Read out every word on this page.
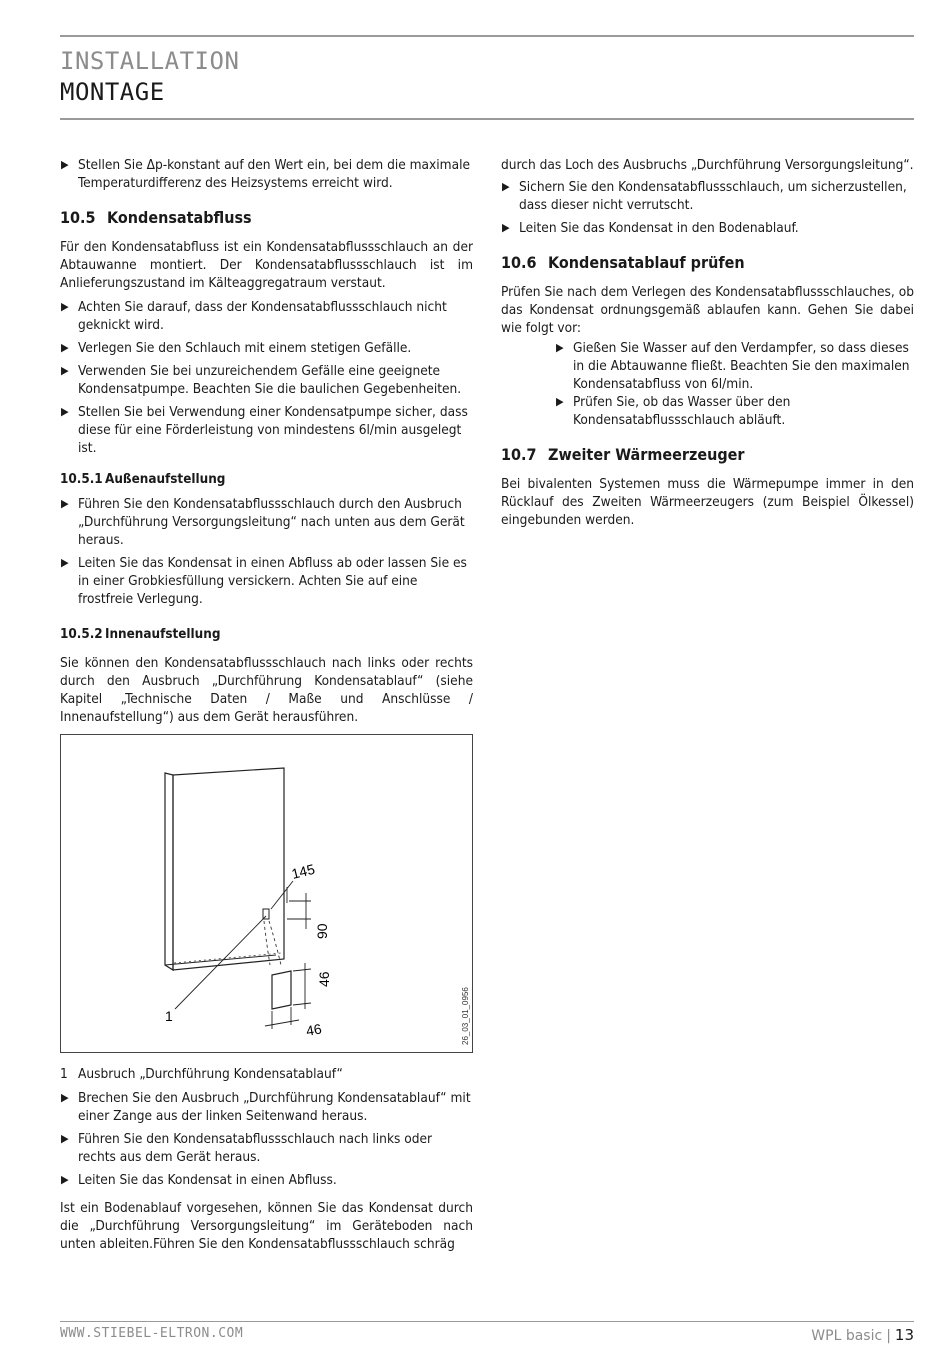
INSTALLATION
MONTAGE
▶ Stellen Sie Δp-konstant auf den Wert ein, bei dem die maximale Temperaturdifferenz des Heizsystems erreicht wird.
10.5 Kondensatabfluss

Für den Kondensatabfluss ist ein Kondensatabflussschlauch an der Abtauwanne montiert. Der Kondensatabflussschlauch ist im Anlieferungszustand im Kälteaggregatraum verstaut.

▶ Achten Sie darauf, dass der Kondensatabflussschlauch nicht geknickt wird.
▶ Verlegen Sie den Schlauch mit einem stetigen Gefälle.
▶ Verwenden Sie bei unzureichendem Gefälle eine geeignete Kondensatpumpe. Beachten Sie die baulichen Gegebenheiten.
▶ Stellen Sie bei Verwendung einer Kondensatpumpe sicher, dass diese für eine Förderleistung von mindestens 6l/min ausgelegt ist.
10.5.1 Außenaufstellung
▶ Führen Sie den Kondensatabflussschlauch durch den Ausbruch „Durchführung Versorgungsleitung“ nach unten aus dem Gerät heraus.
▶ Leiten Sie das Kondensat in einen Abfluss ab oder lassen Sie es in einer Grobkiesfüllung versickern. Achten Sie auf eine frostfreie Verlegung.
10.5.2 Innenaufstellung

Sie können den Kondensatabflussschlauch nach links oder rechts durch den Ausbruch „Durchführung Kondensatablauf“ (siehe Kapitel „Technische Daten / Maße und Anschlüsse / Innenaufstellung“) aus dem Gerät herausführen.

145
90
46
46
1	26_03_01_0956
1 Ausbruch „Durchführung Kondensatablauf“
▶ Brechen Sie den Ausbruch „Durchführung Kondensatablauf“ mit einer Zange aus der linken Seitenwand heraus.
▶ Führen Sie den Kondensatabflussschlauch nach links oder rechts aus dem Gerät heraus.
▶ Leiten Sie das Kondensat in einen Abfluss.

Ist ein Bodenablauf vorgesehen, können Sie das Kondensat durch die „Durchführung Versorgungsleitung“ im Geräteboden nach unten ableiten.Führen Sie den Kondensatabflussschlauch schräg

durch das Loch des Ausbruchs „Durchführung Versorgungsleitung“.

▶ Sichern Sie den Kondensatabflussschlauch, um sicherzustellen, dass dieser nicht verrutscht.
▶ Leiten Sie das Kondensat in den Bodenablauf.
10.6 Kondensatablauf prüfen

Prüfen Sie nach dem Verlegen des Kondensatabflussschlauches, ob das Kondensat ordnungsgemäß ablaufen kann. Gehen Sie dabei wie folgt vor:

▶ Gießen Sie Wasser auf den Verdampfer, so dass dieses in die Abtauwanne fließt. Beachten Sie den maximalen Kondensatabfluss von 6l/min.
▶ Prüfen Sie, ob das Wasser über den Kondensatabflussschlauch abläuft.
10.7 Zweiter Wärmeerzeuger

Bei bivalenten Systemen muss die Wärmepumpe immer in den Rücklauf des Zweiten Wärmeerzeugers (zum Beispiel Ölkessel) eingebunden werden.

WWW.STIEBEL-ELTRON.COM	WPL basic | 13
